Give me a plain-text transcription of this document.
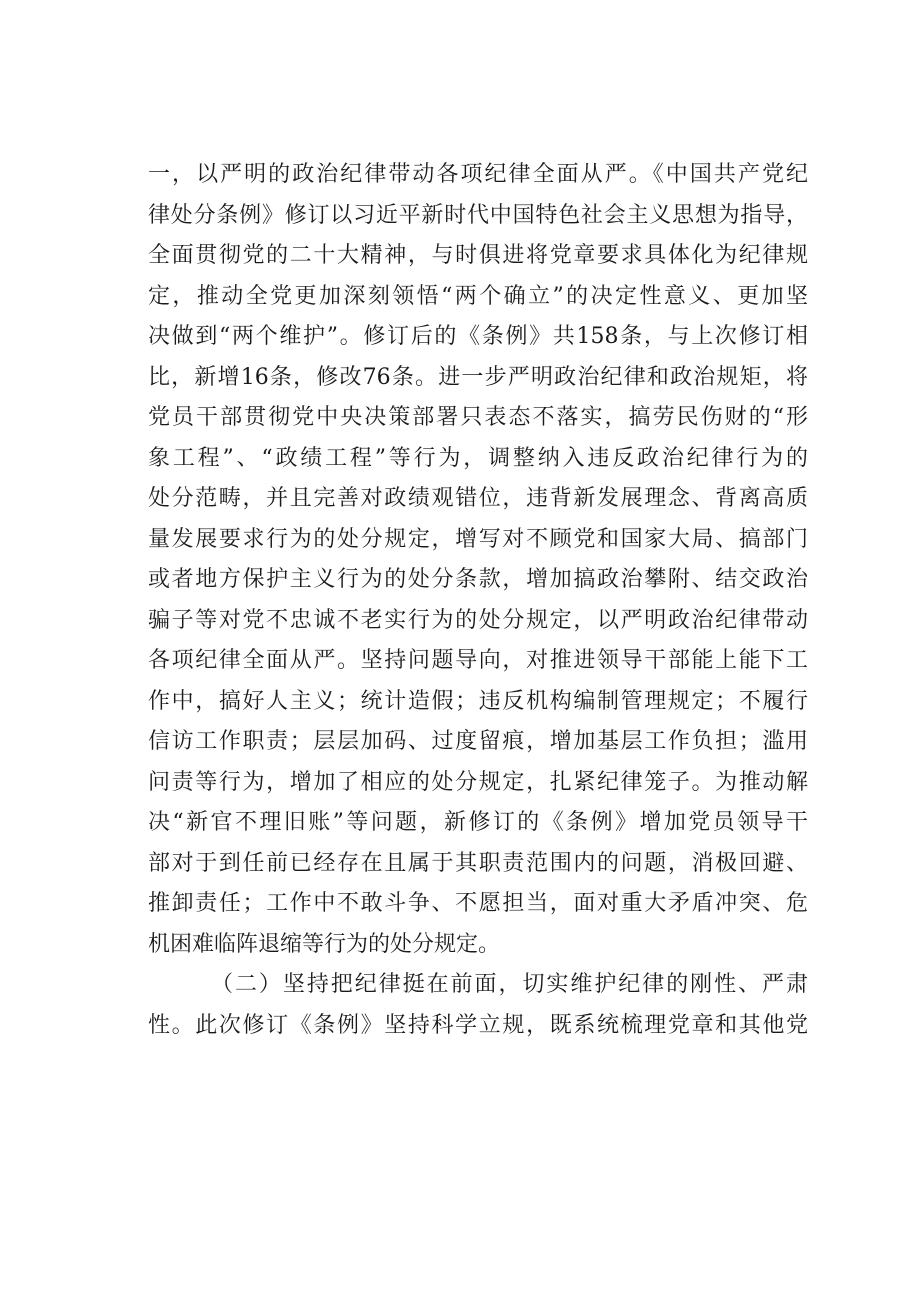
一，以严明的政治纪律带动各项纪律全面从严。《中国共产党纪
律处分条例》修订以习近平新时代中国特色社会主义思想为指导，
全面贯彻党的二十大精神，与时俱进将党章要求具体化为纪律规
定，推动全党更加深刻领悟“两个确立”的决定性意义、更加坚
决做到“两个维护”。修订后的《条例》共158条，与上次修订相
比，新增16条，修改76条。进一步严明政治纪律和政治规矩，将
党员干部贯彻党中央决策部署只表态不落实，搞劳民伤财的“形
象工程”、“政绩工程”等行为，调整纳入违反政治纪律行为的
处分范畴，并且完善对政绩观错位，违背新发展理念、背离高质
量发展要求行为的处分规定，增写对不顾党和国家大局、搞部门
或者地方保护主义行为的处分条款，增加搞政治攀附、结交政治
骗子等对党不忠诚不老实行为的处分规定，以严明政治纪律带动
各项纪律全面从严。坚持问题导向，对推进领导干部能上能下工
作中，搞好人主义；统计造假；违反机构编制管理规定；不履行
信访工作职责；层层加码、过度留痕，增加基层工作负担；滥用
问责等行为，增加了相应的处分规定，扎紧纪律笼子。为推动解
决“新官不理旧账”等问题，新修订的《条例》增加党员领导干
部对于到任前已经存在且属于其职责范围内的问题，消极回避、
推卸责任；工作中不敢斗争、不愿担当，面对重大矛盾冲突、危
机困难临阵退缩等行为的处分规定。
（二）坚持把纪律挺在前面，切实维护纪律的刚性、严肃
性。此次修订《条例》坚持科学立规，既系统梳理党章和其他党
